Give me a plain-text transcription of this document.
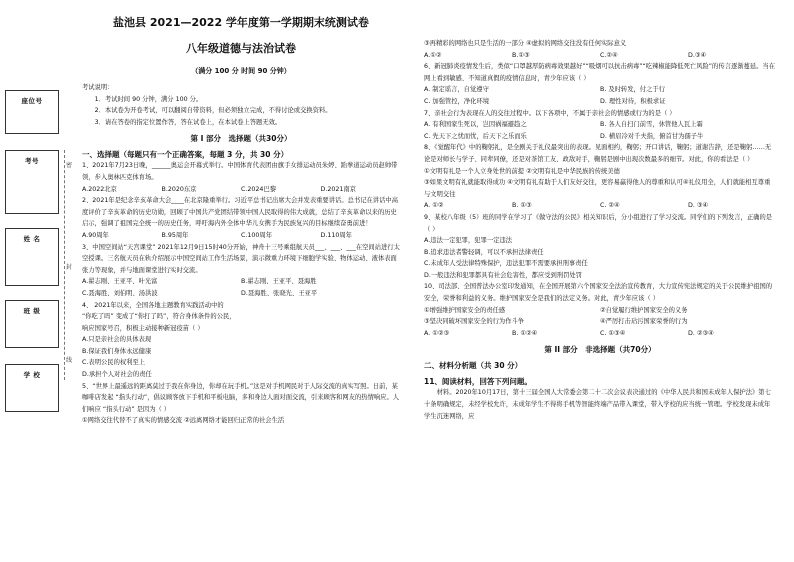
座位号
考号
姓 名
班 级
学 校
密
封
线
盐池县 2021—2022 学年度第一学期期末统测试卷
八年级道德与法治试卷
（满分 100 分 时间 90 分钟）

考试说明：

1．考试时间 90 分钟，满分 100 分。

2．本试卷为开卷考试，可以翻阅自带资料，但必须独立完成，不得讨论或交换资料。

3．请在答卷的指定位置作答，答在试卷上，在本试卷上答题无效。

第 I 部分　选择题（共30分）
一、选择题（每题只有一个正确答案，每题 3 分，共 30 分）

1、2021年7月23日晚，______奥运会开幕式举行。中国体育代表团由旗手女排运动员朱婷、跆拳道运动员赵帅带领，步入奥林匹克体育场。

A.2022北京	B.2020东京	C.2024巴黎	D.2021南京

2、2021年是纪念辛亥革命大会____在北京隆重举行。习近平总书记出席大会并发表重要讲话。总书记在讲话中高度评价了辛亥革命的历史功勋，回顾了中国共产党团结带领中国人民取得的伟大成就，总结了辛亥革命以来的历史启示，强调了祖国完全统一的历史任务，呼吁海内外全体中华儿女携手为民族复兴的目标继续奋勇前进！

A.90周年	B.95周年	C.100周年	D.110周年

3、中国空间站“天宫课堂” 2021年12月9日15时40分开始，神舟十三号乘组航天员___、___、___在空间站进行太空授课。三名航天员在轨介绍展示中国空间站工作生活场景，演示微重力环境下细胞学实验、物体运动、液体表面张力等现象，并与地面课堂进行实时交流。

A.翟志刚、王亚平、叶光富	B.翟志刚、王亚平、聂海胜
C.聂海胜、刘伯明、汤洪波	D.聂海胜、张晓光、王亚平

4、 2021年以来，全国各地主题教育实践活动中的

“你吃了吗” 变成了“你打了吗”，符合身体条件的公民，

响应国家号召，积极主动接种新冠疫苗（ ）

A.只是亲社会的具体表现

B.保证我们身体永远健康

C.表明公民的权利至上

D.承担个人对社会的责任

5、“世界上最遥远的距离莫过于我在你身边，你却在玩手机。”这是对手机网民对于人际交流的真实写照。日前，某咖啡店发起 “指头行动”，倡议顾客放下手机和平板电脑，多和身边人面对面交流，引来顾客和网友的热情响应。人们响应 “指头行动” 是因为（ ）

①网络交往代替不了真实的情感交流 ②远离网络才能回归正常的社会生活

③再精彩的网络也只是生活的一部分 ④虚拟的网络交往没有任何实际意义

A.①②	B.①③	C.②④	D.③④

6、新冠肺炎疫情发生后，类似“口罩越厚防病毒效果越好”“吸烟可以抗击病毒”“吃辣椒能降低死亡风险”的传言逐渐蔓延。当在网上看到敏感、不知道真假的疫情信息时，青少年应该（ ）

A. 制定谣言，自觉遵守	B. 及时转发，付之于行
C. 加强管控，净化环境	D. 理性对待，积极求证

7、亲社会行为表现在人的交往过程中。以下各项中，不属于亲社会的情感或行为的是（ ）

A. 有利国家生死以，岂因祸福避趋之	B. 各人自扫门前雪，休管他人瓦上霜
C. 先天下之忧而忧，后天下之乐而乐	D. 横眉冷对千夫指，俯首甘为孺子牛

8、《觉醒年代》中的鞠躬礼，是全剧关于礼仪最突出的表现。见面相约，鞠躬；开口讲话，鞠躬；道谢告辞，还是鞠躬……无论是对师长与学子、同辈同僚，还是对茶馆工友、政敌对手，鞠躬是剧中出现次数最多的细节。对此，你的看法是（ ）

①文明有礼是一个人立身处世的前提 ②文明有礼是中华民族的传统美德

③如果文明有礼就能取得成功 ④文明有礼有助于人们友好交往，更容易赢得他人的尊重和认可④礼仪用全，人们就能相互尊重与文明交往

A. ①②	B. ①③	C. ②④	D. ③④

9、某校八年级（5）班的同学在学习了《做守法的公民》相关知识后，分小组进行了学习交流。同学们的下列发言，正确的是（ ）

A.违法一定犯罪，犯罪一定违法

B.追求违法者警轻调，可以不承担法律责任

C.未成年人受法律特殊保护，违法犯罪不需要承担刑事责任

D.一般违法和犯罪都具有社会危害性，都应受到刑罚处罚

10、司法部、全国普法办公室印发通知，在全国开展第六个国家安全法治宣传教育，大力宣传宪法规定的关于公民维护祖国的安全，荣誉和利益的义务。维护国家安全是我们的法定义务。对此，青少年应该（ ）

①增强维护国家安全的责任感	②自觉履行维护国家安全的义务
③坚决同破坏国家安全的行为作斗争	④严厉打击玷污国家荣誉的行为
A. ①②③	B. ①②④	C. ①③④	D. ②③④
第 II 部分　非选择题（共70分）
二、材料分析题（共 30 分）
11、阅读材料，回答下列问题。

材料。2020年10月17日，第十三届全国人大常委会第二十二次会议表决通过的《中华人民共和国未成年人保护法》第七十条明确规定，未经学校允许，未成年学生不得将手机等智能终端产品带入课堂，带入学校的应当统一管理。学校发现未成年学生沉迷网络，应
